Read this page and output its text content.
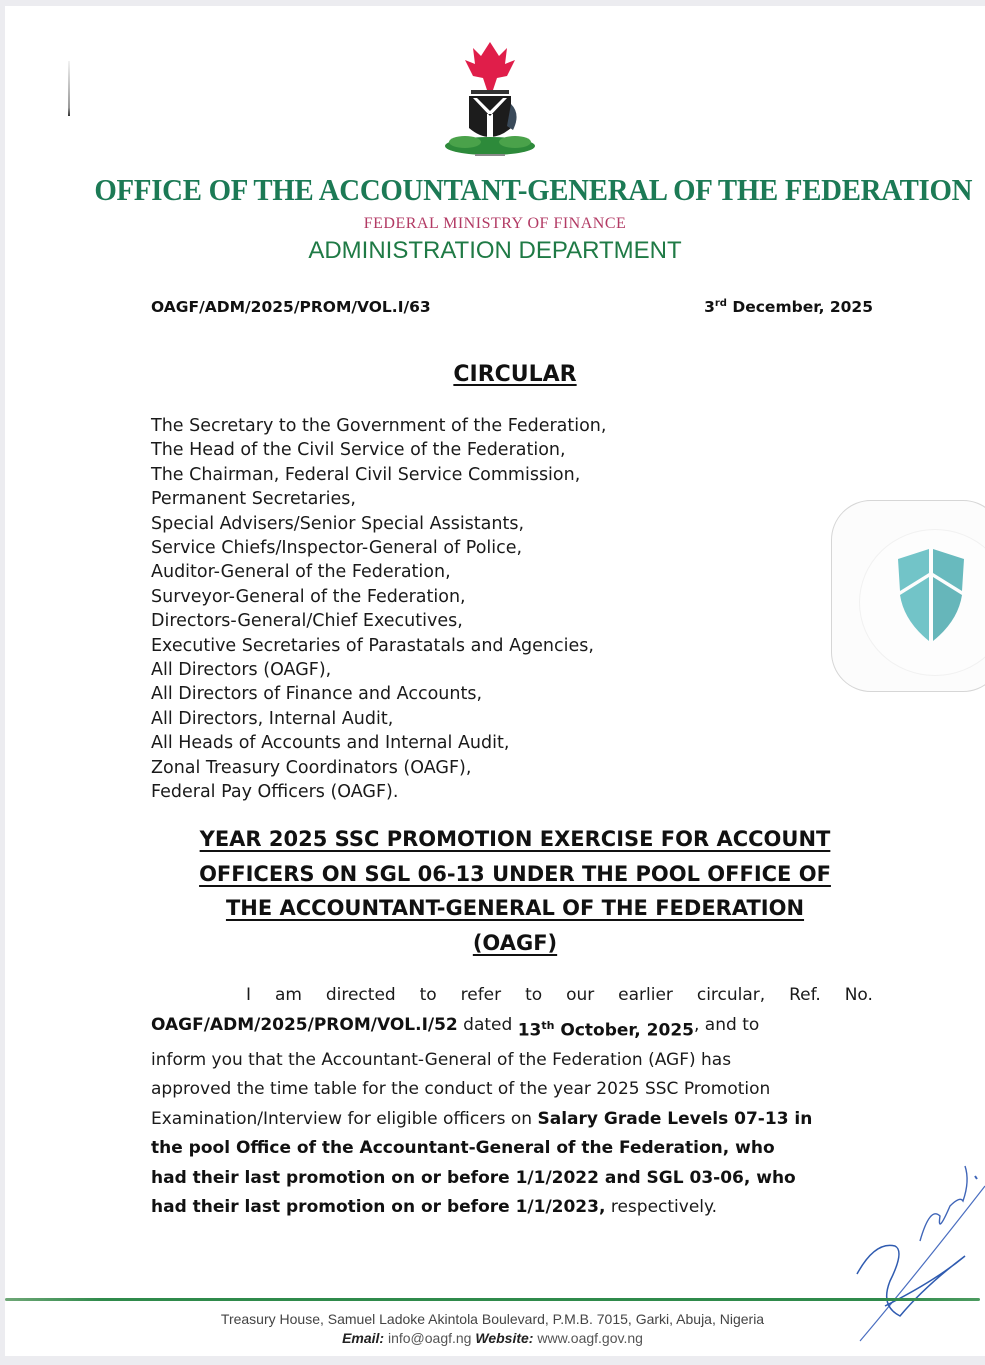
OFFICE OF THE ACCOUNTANT-GENERAL OF THE FEDERATION
FEDERAL MINISTRY OF FINANCE
ADMINISTRATION DEPARTMENT
OAGF/ADM/2025/PROM/VOL.I/63	3rd December, 2025
CIRCULAR
The Secretary to the Government of the Federation,
The Head of the Civil Service of the Federation,
The Chairman, Federal Civil Service Commission,
Permanent Secretaries,
Special Advisers/Senior Special Assistants,
Service Chiefs/Inspector-General of Police,
Auditor-General of the Federation,
Surveyor-General of the Federation,
Directors-General/Chief Executives,
Executive Secretaries of Parastatals and Agencies,
All Directors (OAGF),
All Directors of Finance and Accounts,
All Directors, Internal Audit,
All Heads of Accounts and Internal Audit,
Zonal Treasury Coordinators (OAGF),
Federal Pay Officers (OAGF).
YEAR 2025 SSC PROMOTION EXERCISE FOR ACCOUNT
OFFICERS ON SGL 06-13 UNDER THE POOL OFFICE OF
THE ACCOUNTANT-GENERAL OF THE FEDERATION
(OAGF)
I am directed to refer to our earlier circular, Ref. No.
OAGF/ADM/2025/PROM/VOL.I/52 dated 13th October, 2025 , and to
inform you that the Accountant-General of the Federation (AGF) has
approved the time table for the conduct of the year 2025 SSC Promotion
Examination/Interview for eligible officers on Salary Grade Levels 07-13 in
the pool Office of the Accountant-General of the Federation, who
had their last promotion on or before 1/1/2022 and SGL 03-06, who
had their last promotion on or before 1/1/2023, respectively.
Treasury House, Samuel Ladoke Akintola Boulevard, P.M.B. 7015, Garki, Abuja, Nigeria
Email: info@oagf.ng Website: www.oagf.gov.ng
